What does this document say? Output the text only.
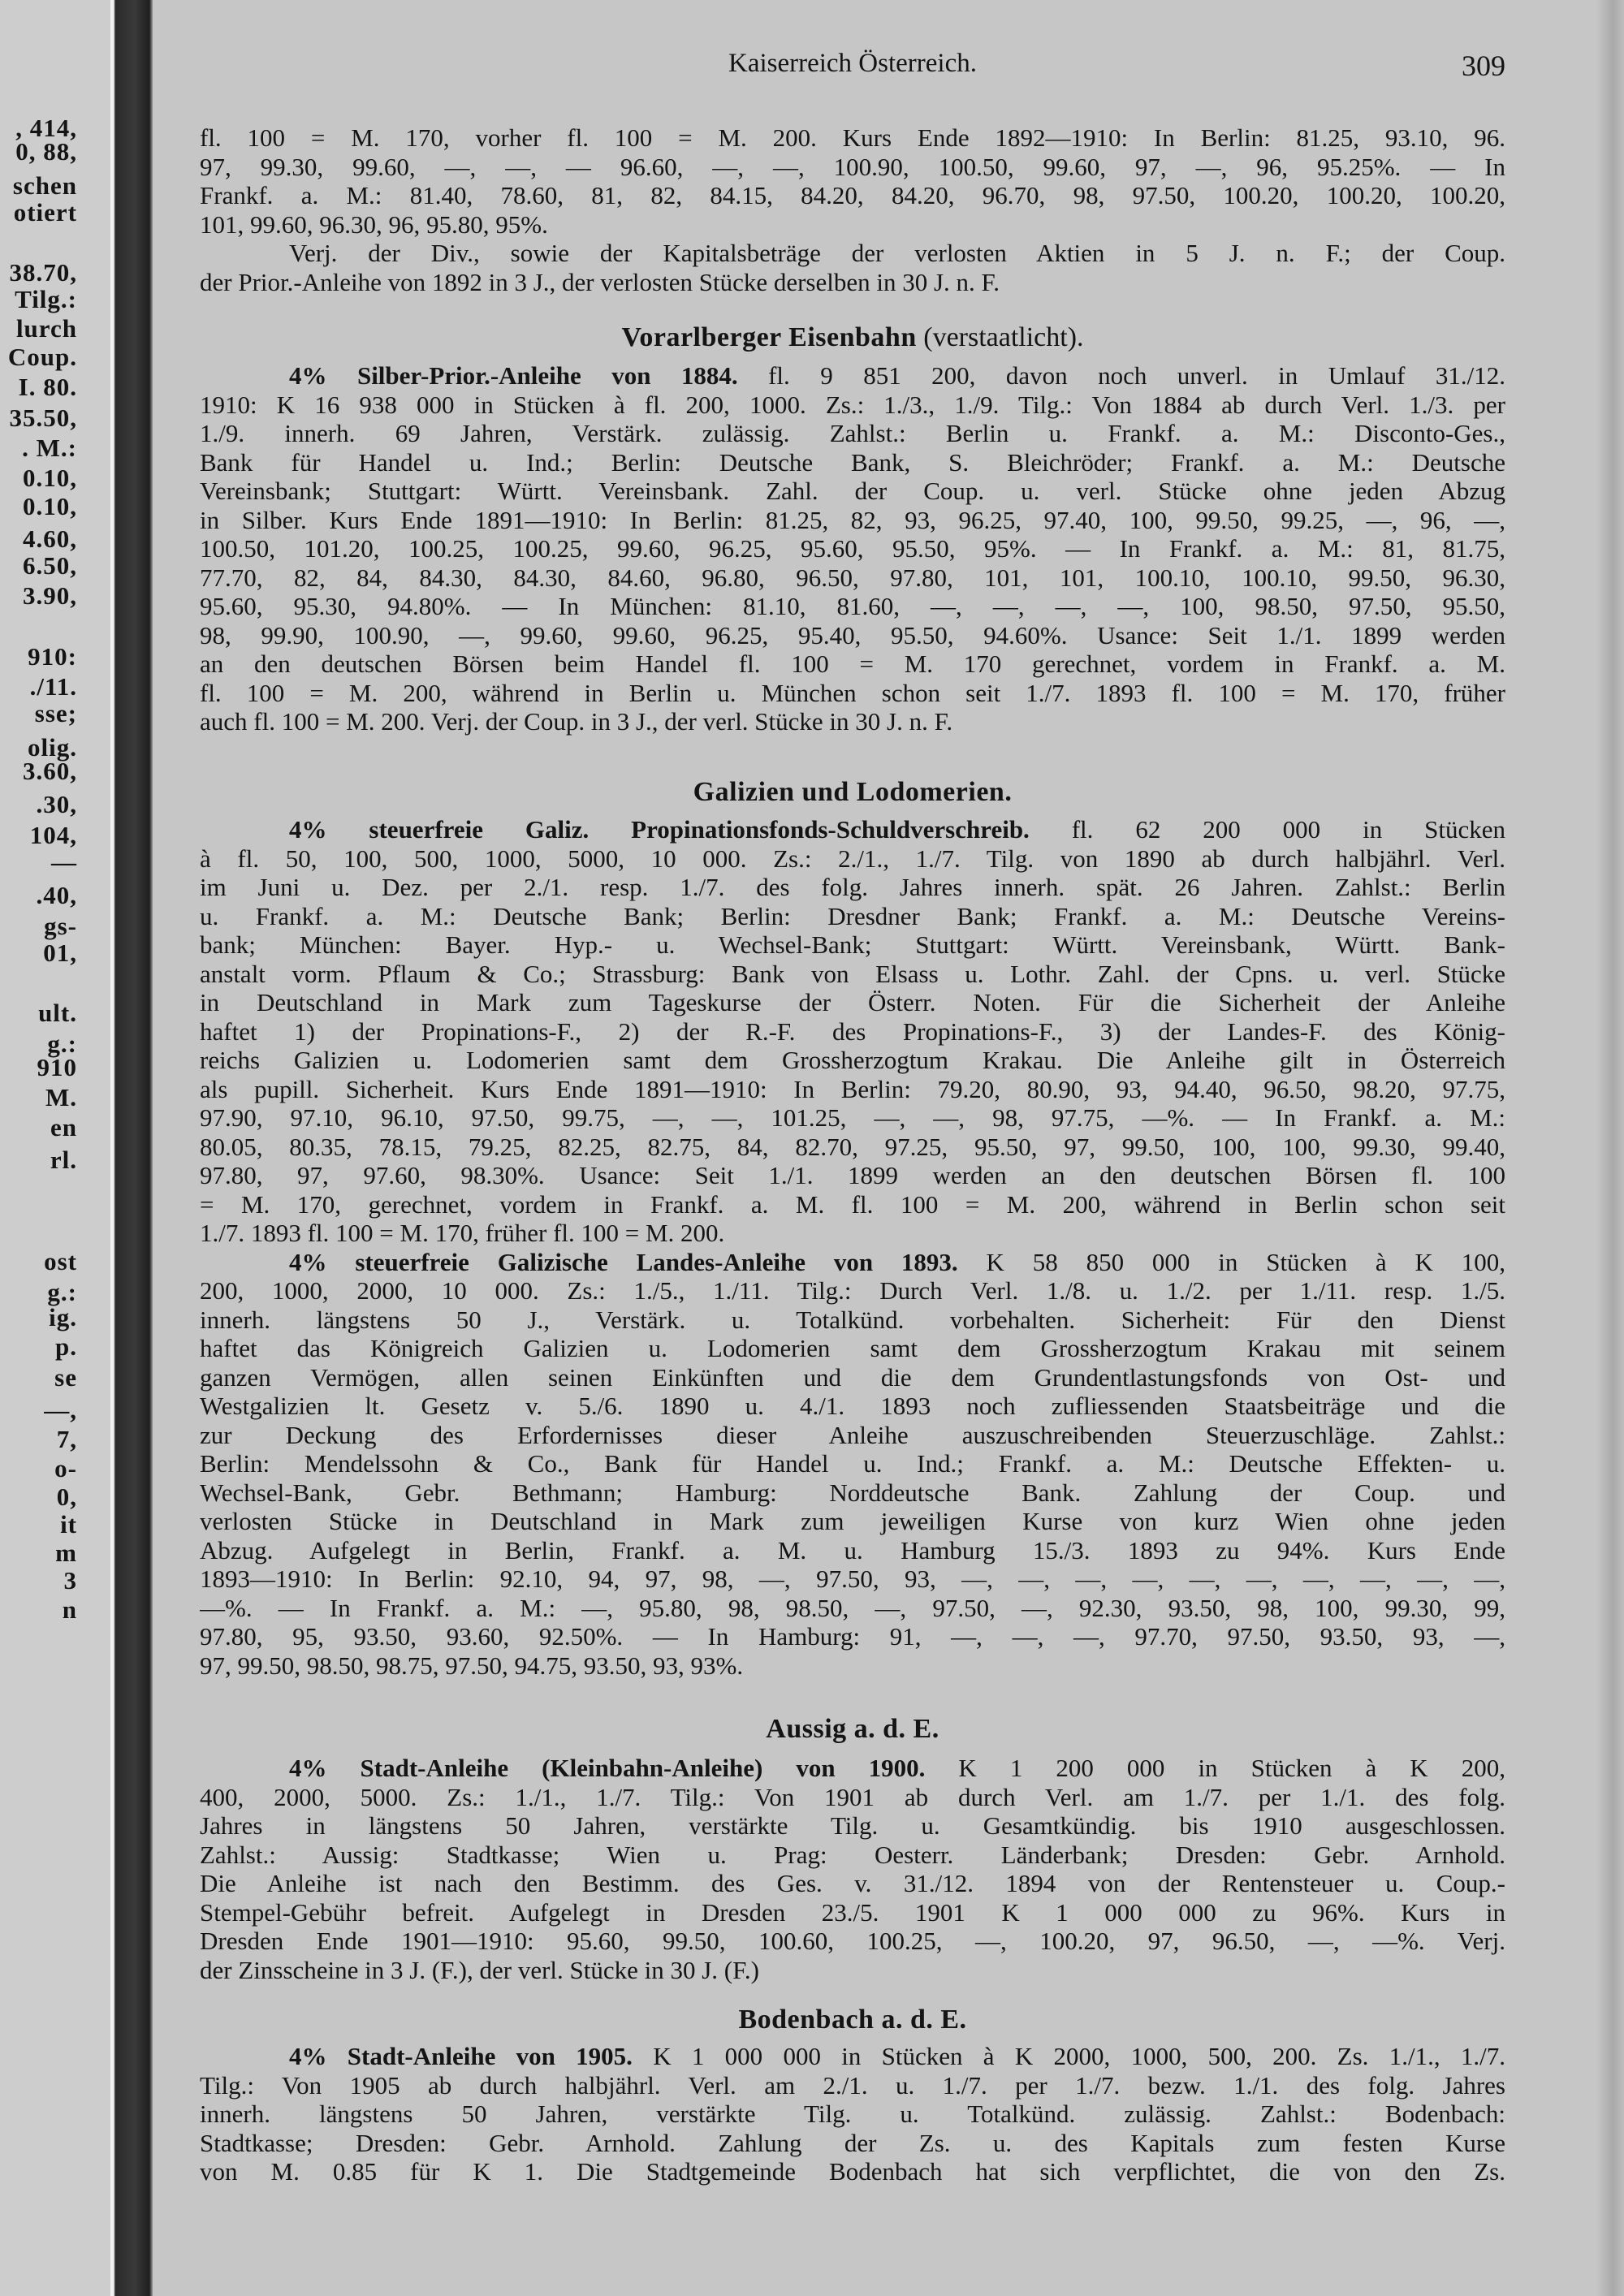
Kaiserreich Österreich.	309
fl. 100 = M. 170, vorher fl. 100 = M. 200. Kurs Ende 1892—1910: In Berlin: 81.25, 93.10, 96.
97, 99.30, 99.60, —, —, — 96.60, —, —, 100.90, 100.50, 99.60, 97, —, 96, 95.25%. — In
Frankf. a. M.: 81.40, 78.60, 81, 82, 84.15, 84.20, 84.20, 96.70, 98, 97.50, 100.20, 100.20, 100.20,
101, 99.60, 96.30, 96, 95.80, 95%.
Verj. der Div., sowie der Kapitalsbeträge der verlosten Aktien in 5 J. n. F.; der Coup.
der Prior.-Anleihe von 1892 in 3 J., der verlosten Stücke derselben in 30 J. n. F.
Vorarlberger Eisenbahn (verstaatlicht).
4% Silber-Prior.-Anleihe von 1884. fl. 9 851 200, davon noch unverl. in Umlauf 31./12.
1910: K 16 938 000 in Stücken à fl. 200, 1000. Zs.: 1./3., 1./9. Tilg.: Von 1884 ab durch Verl. 1./3. per
1./9. innerh. 69 Jahren, Verstärk. zulässig. Zahlst.: Berlin u. Frankf. a. M.: Disconto-Ges.,
Bank für Handel u. Ind.; Berlin: Deutsche Bank, S. Bleichröder; Frankf. a. M.: Deutsche
Vereinsbank; Stuttgart: Württ. Vereinsbank. Zahl. der Coup. u. verl. Stücke ohne jeden Abzug
in Silber. Kurs Ende 1891—1910: In Berlin: 81.25, 82, 93, 96.25, 97.40, 100, 99.50, 99.25, —, 96, —,
100.50, 101.20, 100.25, 100.25, 99.60, 96.25, 95.60, 95.50, 95%. — In Frankf. a. M.: 81, 81.75,
77.70, 82, 84, 84.30, 84.30, 84.60, 96.80, 96.50, 97.80, 101, 101, 100.10, 100.10, 99.50, 96.30,
95.60, 95.30, 94.80%. — In München: 81.10, 81.60, —, —, —, —, 100, 98.50, 97.50, 95.50,
98, 99.90, 100.90, —, 99.60, 99.60, 96.25, 95.40, 95.50, 94.60%. Usance: Seit 1./1. 1899 werden
an den deutschen Börsen beim Handel fl. 100 = M. 170 gerechnet, vordem in Frankf. a. M.
fl. 100 = M. 200, während in Berlin u. München schon seit 1./7. 1893 fl. 100 = M. 170, früher
auch fl. 100 = M. 200. Verj. der Coup. in 3 J., der verl. Stücke in 30 J. n. F.
Galizien und Lodomerien.
4% steuerfreie Galiz. Propinationsfonds-Schuldverschreib. fl. 62 200 000 in Stücken
à fl. 50, 100, 500, 1000, 5000, 10 000. Zs.: 2./1., 1./7. Tilg. von 1890 ab durch halbjährl. Verl.
im Juni u. Dez. per 2./1. resp. 1./7. des folg. Jahres innerh. spät. 26 Jahren. Zahlst.: Berlin
u. Frankf. a. M.: Deutsche Bank; Berlin: Dresdner Bank; Frankf. a. M.: Deutsche Vereins-
bank; München: Bayer. Hyp.- u. Wechsel-Bank; Stuttgart: Württ. Vereinsbank, Württ. Bank-
anstalt vorm. Pflaum & Co.; Strassburg: Bank von Elsass u. Lothr. Zahl. der Cpns. u. verl. Stücke
in Deutschland in Mark zum Tageskurse der Österr. Noten. Für die Sicherheit der Anleihe
haftet 1) der Propinations-F., 2) der R.-F. des Propinations-F., 3) der Landes-F. des König-
reichs Galizien u. Lodomerien samt dem Grossherzogtum Krakau. Die Anleihe gilt in Österreich
als pupill. Sicherheit. Kurs Ende 1891—1910: In Berlin: 79.20, 80.90, 93, 94.40, 96.50, 98.20, 97.75,
97.90, 97.10, 96.10, 97.50, 99.75, —, —, 101.25, —, —, 98, 97.75, —%. — In Frankf. a. M.:
80.05, 80.35, 78.15, 79.25, 82.25, 82.75, 84, 82.70, 97.25, 95.50, 97, 99.50, 100, 100, 99.30, 99.40,
97.80, 97, 97.60, 98.30%. Usance: Seit 1./1. 1899 werden an den deutschen Börsen fl. 100
= M. 170, gerechnet, vordem in Frankf. a. M. fl. 100 = M. 200, während in Berlin schon seit
1./7. 1893 fl. 100 = M. 170, früher fl. 100 = M. 200.
4% steuerfreie Galizische Landes-Anleihe von 1893. K 58 850 000 in Stücken à K 100,
200, 1000, 2000, 10 000. Zs.: 1./5., 1./11. Tilg.: Durch Verl. 1./8. u. 1./2. per 1./11. resp. 1./5.
innerh. längstens 50 J., Verstärk. u. Totalkünd. vorbehalten. Sicherheit: Für den Dienst
haftet das Königreich Galizien u. Lodomerien samt dem Grossherzogtum Krakau mit seinem
ganzen Vermögen, allen seinen Einkünften und die dem Grundentlastungsfonds von Ost- und
Westgalizien lt. Gesetz v. 5./6. 1890 u. 4./1. 1893 noch zufliessenden Staatsbeiträge und die
zur Deckung des Erfordernisses dieser Anleihe auszuschreibenden Steuerzuschläge. Zahlst.:
Berlin: Mendelssohn & Co., Bank für Handel u. Ind.; Frankf. a. M.: Deutsche Effekten- u.
Wechsel-Bank, Gebr. Bethmann; Hamburg: Norddeutsche Bank. Zahlung der Coup. und
verlosten Stücke in Deutschland in Mark zum jeweiligen Kurse von kurz Wien ohne jeden
Abzug. Aufgelegt in Berlin, Frankf. a. M. u. Hamburg 15./3. 1893 zu 94%. Kurs Ende
1893—1910: In Berlin: 92.10, 94, 97, 98, —, 97.50, 93, —, —, —, —, —, —, —, —, —, —,
—%. — In Frankf. a. M.: —, 95.80, 98, 98.50, —, 97.50, —, 92.30, 93.50, 98, 100, 99.30, 99,
97.80, 95, 93.50, 93.60, 92.50%. — In Hamburg: 91, —, —, —, 97.70, 97.50, 93.50, 93, —,
97, 99.50, 98.50, 98.75, 97.50, 94.75, 93.50, 93, 93%.
Aussig a. d. E.
4% Stadt-Anleihe (Kleinbahn-Anleihe) von 1900. K 1 200 000 in Stücken à K 200,
400, 2000, 5000. Zs.: 1./1., 1./7. Tilg.: Von 1901 ab durch Verl. am 1./7. per 1./1. des folg.
Jahres in längstens 50 Jahren, verstärkte Tilg. u. Gesamtkündig. bis 1910 ausgeschlossen.
Zahlst.: Aussig: Stadtkasse; Wien u. Prag: Oesterr. Länderbank; Dresden: Gebr. Arnhold.
Die Anleihe ist nach den Bestimm. des Ges. v. 31./12. 1894 von der Rentensteuer u. Coup.-
Stempel-Gebühr befreit. Aufgelegt in Dresden 23./5. 1901 K 1 000 000 zu 96%. Kurs in
Dresden Ende 1901—1910: 95.60, 99.50, 100.60, 100.25, —, 100.20, 97, 96.50, —, —%. Verj.
der Zinsscheine in 3 J. (F.), der verl. Stücke in 30 J. (F.)
Bodenbach a. d. E.
4% Stadt-Anleihe von 1905. K 1 000 000 in Stücken à K 2000, 1000, 500, 200. Zs. 1./1., 1./7.
Tilg.: Von 1905 ab durch halbjährl. Verl. am 2./1. u. 1./7. per 1./7. bezw. 1./1. des folg. Jahres
innerh. längstens 50 Jahren, verstärkte Tilg. u. Totalkünd. zulässig. Zahlst.: Bodenbach:
Stadtkasse; Dresden: Gebr. Arnhold. Zahlung der Zs. u. des Kapitals zum festen Kurse
von M. 0.85 für K 1. Die Stadtgemeinde Bodenbach hat sich verpflichtet, die von den Zs.
, 414,
0, 88,
schen
otiert
38.70,
Tilg.:
lurch
Coup.
I. 80.
35.50,
. M.:
0.10,
0.10,
4.60,
6.50,
3.90,
910:
./11.
sse;
olig.
3.60,
.30,
104,
—
.40,
gs-
01,
ult.
g.:
910
M.
en
rl.
ost
g.:
ig.
p.
se
—,
7,
o-
0,
it
m
3
n
